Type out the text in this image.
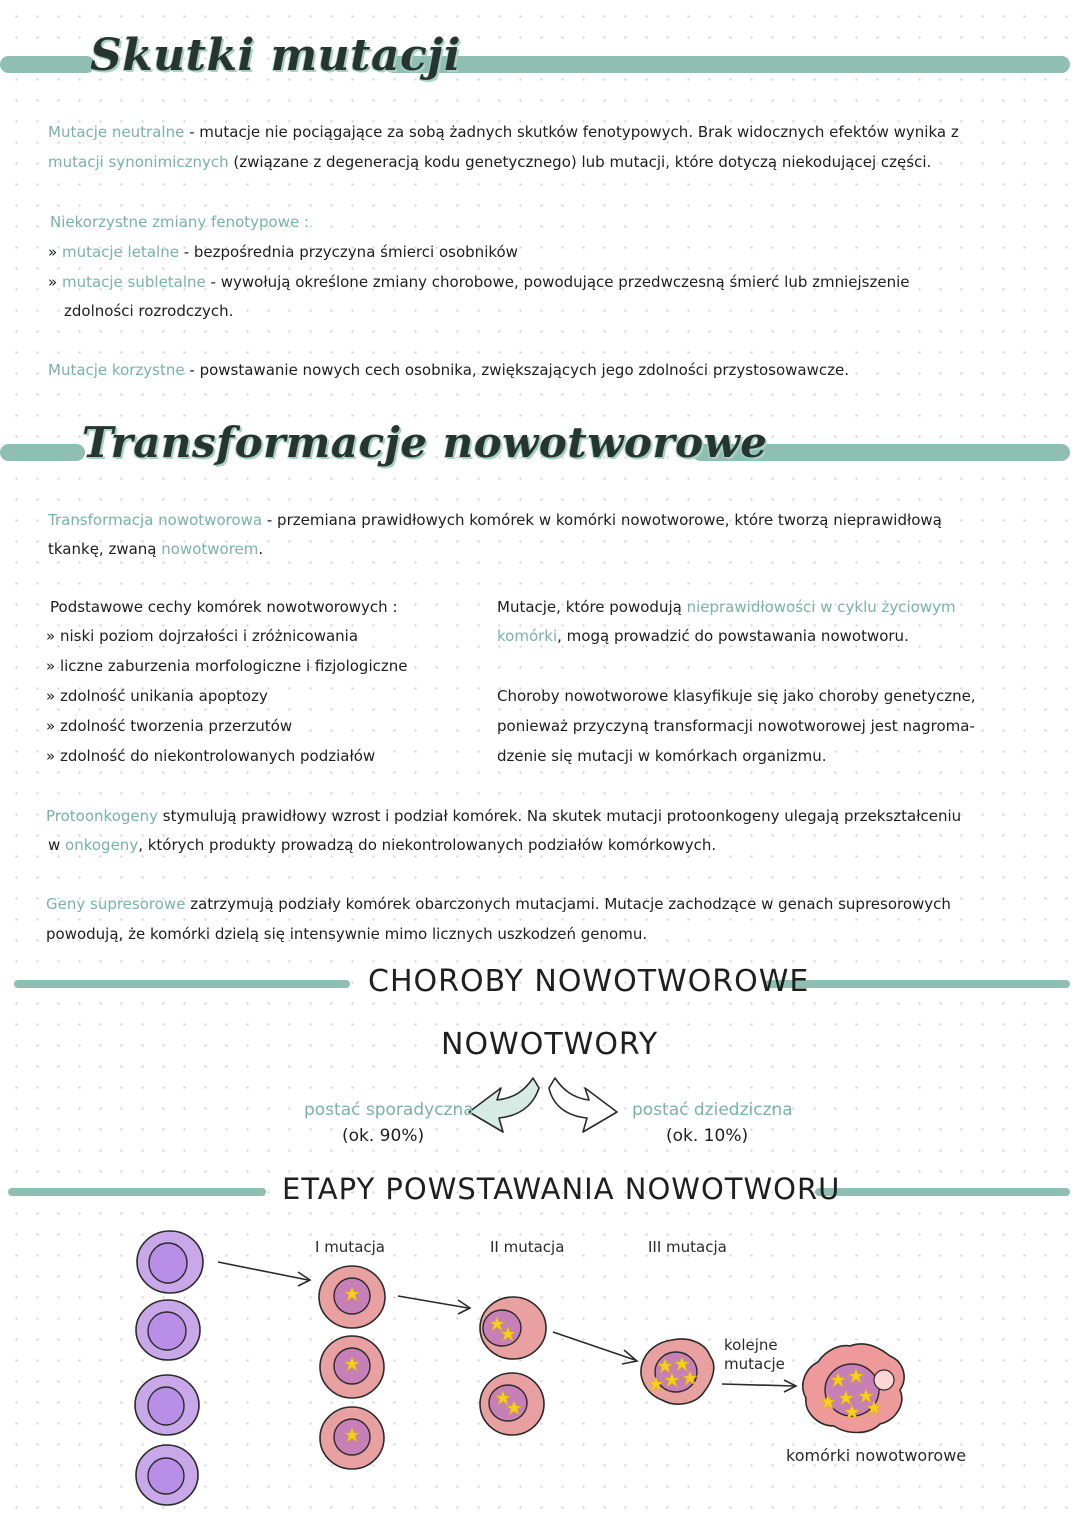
Skutki mutacji
Mutacje neutralne - mutacje nie pociągające za sobą żadnych skutków fenotypowych. Brak widocznych efektów wynika z
mutacji synonimicznych (związane z degeneracją kodu genetycznego) lub mutacji, które dotyczą niekodującej części.
Niekorzystne zmiany fenotypowe :
» mutacje letalne - bezpośrednia przyczyna śmierci osobników
» mutacje subletalne - wywołują określone zmiany chorobowe, powodujące przedwczesną śmierć lub zmniejszenie
zdolności rozrodczych.
Mutacje korzystne - powstawanie nowych cech osobnika, zwiększających jego zdolności przystosowawcze.
Transformacje nowotworowe
Transformacja nowotworowa - przemiana prawidłowych komórek w komórki nowotworowe, które tworzą nieprawidłową
tkankę, zwaną nowotworem.
Podstawowe cechy komórek nowotworowych :
» niski poziom dojrzałości i zróżnicowania
» liczne zaburzenia morfologiczne i fizjologiczne
» zdolność unikania apoptozy
» zdolność tworzenia przerzutów
» zdolność do niekontrolowanych podziałów
Mutacje, które powodują nieprawidłowości w cyklu życiowym
komórki, mogą prowadzić do powstawania nowotworu.
Choroby nowotworowe klasyfikuje się jako choroby genetyczne,
ponieważ przyczyną transformacji nowotworowej jest nagroma-
dzenie się mutacji w komórkach organizmu.
Protoonkogeny stymulują prawidłowy wzrost i podział komórek. Na skutek mutacji protoonkogeny ulegają przekształceniu
w onkogeny, których produkty prowadzą do niekontrolowanych podziałów komórkowych.
Geny supresorowe zatrzymują podziały komórek obarczonych mutacjami. Mutacje zachodzące w genach supresorowych
powodują, że komórki dzielą się intensywnie mimo licznych uszkodzeń genomu.
CHOROBY NOWOTWOROWE
NOWOTWORY
postać sporadyczna
(ok. 90%)
postać dziedziczna
(ok. 10%)
ETAPY POWSTAWANIA NOWOTWORU
I mutacja	II mutacja	III mutacja
kolejne
mutacje
komórki nowotworowe
